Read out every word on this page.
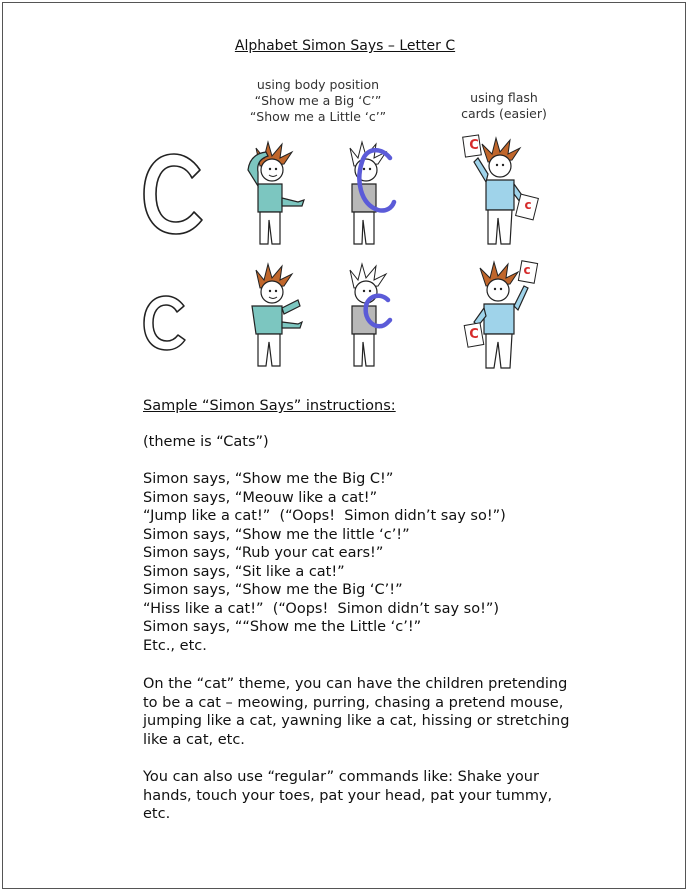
Alphabet Simon Says – Letter C
using body position
“Show me a Big ‘C’”
“Show me a Little ‘c’”
using flash
cards (easier)
C
c
c
C
Sample “Simon Says” instructions:
(theme is “Cats”)
Simon says, “Show me the Big C!”
Simon says, “Meouw like a cat!”
“Jump like a cat!”  (“Oops!  Simon didn’t say so!”)
Simon says, “Show me the little ‘c’!”
Simon says, “Rub your cat ears!”
Simon says, “Sit like a cat!”
Simon says, “Show me the Big ‘C’!”
“Hiss like a cat!”  (“Oops!  Simon didn’t say so!”)
Simon says, ““Show me the Little ‘c’!”
Etc., etc.
On the “cat” theme, you can have the children pretending to be a cat – meowing, purring, chasing a pretend mouse, jumping like a cat, yawning like a cat, hissing or stretching like a cat, etc.
You can also use “regular” commands like: Shake your hands, touch your toes, pat your head, pat your tummy, etc.
